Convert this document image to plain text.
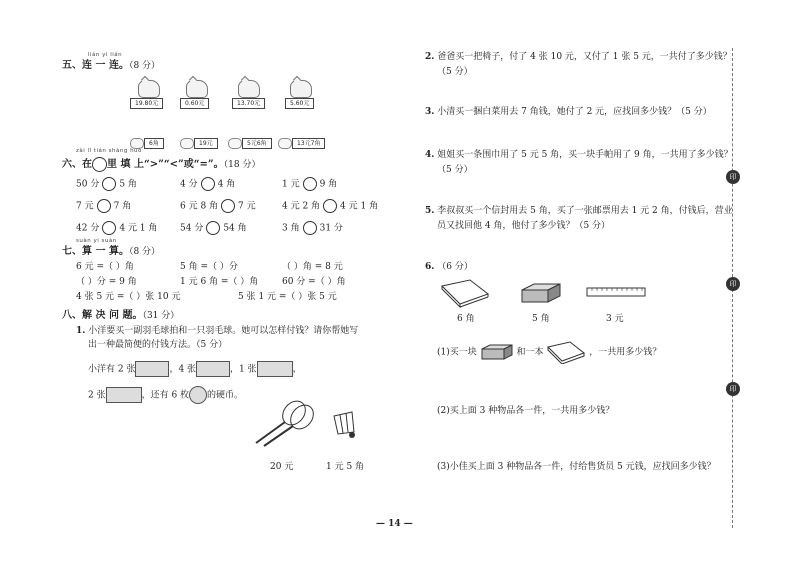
lián yi lián
五、连 一 连。（8 分）
19.80元	0.60元	13.70元	5.60元
6角	19元	5元6角	13元7角
zài lǐ tián shàng huò
六、在 里 填 上“>”“<”或“=”。（18 分）
50 分 5 角	4 分 4 角	1 元 9 角
7 元 7 角	6 元 8 角 7 元	4 元 2 角 4 元 1 角
42 分 4 元 1 角	54 分 54 角	3 角 31 分
suàn yi suàn
七、算 一 算。（8 分）
6 元 =（ ）角	5 角 =（ ）分	（ ）角 = 8 元
（ ）分 = 9 角	1 元 6 角 =（ ）角	60 分 =（ ）角
4 张 5 元 =（ ）张 10 元	5 张 1 元 =（ ）张 5 元
八、解 决 问 题。（31 分）
1. 小洋要买一副羽毛球拍和一只羽毛球。她可以怎样付钱？请你帮她写
出一种最简便的付钱方法。（5 分）
小洋有 2 张	，4 张	，1 张	，
2 张	，还有 6 枚 的硬币。
20 元	1 元 5 角
2. 爸爸买一把椅子，付了 4 张 10 元，又付了 1 张 5 元，一共付了多少钱？
（5 分）
3. 小清买一捆白菜用去 7 角钱，她付了 2 元，应找回多少钱？（5 分）
4. 姐姐买一条围巾用了 5 元 5 角，买一块手帕用了 9 角，一共用了多少钱？
（5 分）
5. 李叔叔买一个信封用去 5 角，买了一张邮票用去 1 元 2 角，付钱后，营业
员又找回他 4 角，他付了多少钱？（5 分）
6. （6 分）
6 角	5 角	3 元
(1)买一块	和一本	，一共用多少钱？
(2)买上面 3 种物品各一件，一共用多少钱？
(3)小佳买上面 3 种物品各一件，付给售货员 5 元钱，应找回多少钱？
— 14 —
印
印
印
